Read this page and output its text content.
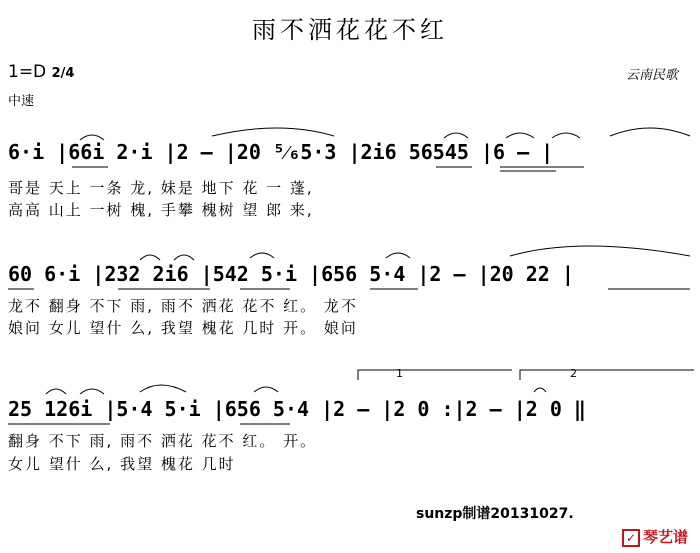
雨不洒花花不红
1=D 2/4
中速
云南民歌
6·i |66i 2·i |2 – |20 ⁵⁄₆5·3 |2i6 56545 |6 – |
哥是 天上 一条 龙, 妹是 地下 花 一 蓬,
高高 山上 一树 槐, 手攀 槐树 望 郎 来,
60 6·i |232 2i6 |542 5·i |656 5·4 |2 – |20 22 |
龙不 翻身 不下 雨, 雨不 洒花 花不 红。 龙不
娘问 女儿 望什 么, 我望 槐花 几时 开。 娘问
25 126i |5·4 5·i |656 5·4 |2 – |2 0 :|2 – |2 0 ‖
翻身 不下 雨, 雨不 洒花 花不 红。 开。
女儿 望什 么, 我望 槐花 几时
1	2
sunzp制谱20131027.
✓ 琴艺谱
